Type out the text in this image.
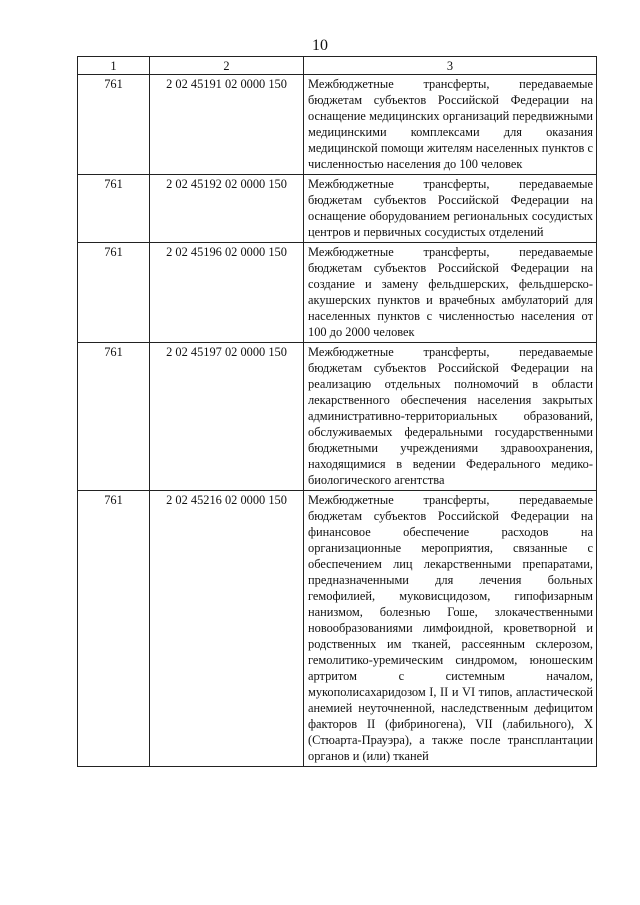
10
1	2	3
761	2 02 45191 02 0000 150	Межбюджетные трансферты, передаваемые бюджетам субъектов Российской Федерации на оснащение медицинских организаций передвижными медицинскими комплексами для оказания медицинской помощи жителям населенных пунктов с численностью населения до 100 человек
761	2 02 45192 02 0000 150	Межбюджетные трансферты, передаваемые бюджетам субъектов Российской Федерации на оснащение оборудованием региональных сосудистых центров и первичных сосудистых отделений
761	2 02 45196 02 0000 150	Межбюджетные трансферты, передаваемые бюджетам субъектов Российской Федерации на создание и замену фельдшерских, фельдшерско-акушерских пунктов и врачебных амбулаторий для населенных пунктов с численностью населения от 100 до 2000 человек
761	2 02 45197 02 0000 150	Межбюджетные трансферты, передаваемые бюджетам субъектов Российской Федерации на реализацию отдельных полномочий в области лекарственного обеспечения населения закрытых административно-территориальных образований, обслуживаемых федеральными государственными бюджетными учреждениями здравоохранения, находящимися в ведении Федерального медико-биологического агентства
761	2 02 45216 02 0000 150	Межбюджетные трансферты, передаваемые бюджетам субъектов Российской Федерации на финансовое обеспечение расходов на организационные мероприятия, связанные с обеспечением лиц лекарственными препаратами, предназначенными для лечения больных гемофилией, муковисцидозом, гипофизарным нанизмом, болезнью Гоше, злокачественными новообразованиями лимфоидной, кроветворной и родственных им тканей, рассеянным склерозом, гемолитико-уремическим синдромом, юношеским артритом с системным началом, мукополисахаридозом I, II и VI типов, апластической анемией неуточненной, наследственным дефицитом факторов II (фибриногена), VII (лабильного), X (Стюарта-Прауэра), а также после трансплантации органов и (или) тканей
